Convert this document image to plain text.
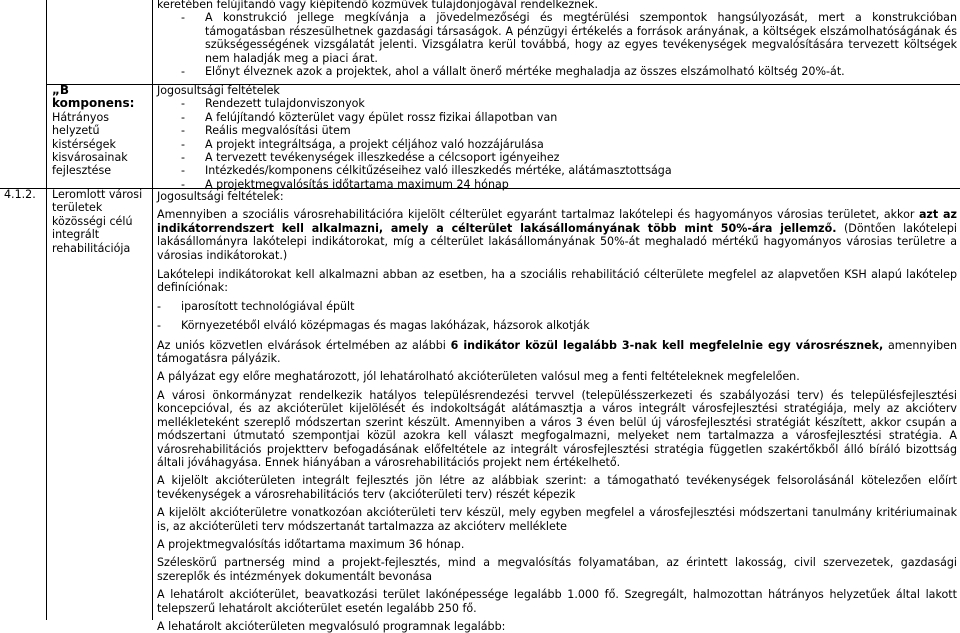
keretében felújítandó vagy kiépítendő közművek tulajdonjogával rendelkeznek.

- A konstrukció jellege megkívánja a jövedelmezőségi és megtérülési szempontok hangsúlyozását, mert a konstrukcióban támogatásban részesülhetnek gazdasági társaságok. A pénzügyi értékelés a források arányának, a költségek elszámolhatóságának és szükségességének vizsgálatát jelenti. Vizsgálatra kerül továbbá, hogy az egyes tevékenységek megvalósítására tervezett költségek nem haladják meg a piaci árat.

- Előnyt élveznek azok a projektek, ahol a vállalt önerő mértéke meghaladja az összes elszámolható költség 20%-át.

„B komponens:

Hátrányos

helyzetű

kistérségek

kisvárosainak

fejlesztése

Jogosultsági feltételek

- Rendezett tulajdonviszonyok

- A felújítandó közterület vagy épület rossz fizikai állapotban van

- Reális megvalósítási ütem

- A projekt integráltsága, a projekt céljához való hozzájárulása

- A tervezett tevékenységek illeszkedése a célcsoport igényeihez

- Intézkedés/komponens célkitűzéseihez való illeszkedés mértéke, alátámasztottsága

- A projektmegvalósítás időtartama maximum 24 hónap

4.1.2.	Leromlott városi

területek

közösségi célú

integrált

rehabilitációja

Jogosultsági feltételek:

Amennyiben a szociális városrehabilitációra kijelölt célterület egyaránt tartalmaz lakótelepi és hagyományos városias területet, akkor azt az indikátorrendszert kell alkalmazni, amely a célterület lakásállományának több mint 50%-ára jellemző. (Döntően lakótelepi lakásállományra lakótelepi indikátorokat, míg a célterület lakásállományának 50%-át meghaladó mértékű hagyományos városias területre a városias indikátorokat.)

Lakótelepi indikátorokat kell alkalmazni abban az esetben, ha a szociális rehabilitáció célterülete megfelel az alapvetően KSH alapú lakótelep definíciónak:

- iparosított technológiával épült

- Környezetéből elváló középmagas és magas lakóházak, házsorok alkotják

Az uniós közvetlen elvárások értelmében az alábbi 6 indikátor közül legalább 3-nak kell megfelelnie egy városrésznek, amennyiben támogatásra pályázik.

A pályázat egy előre meghatározott, jól lehatárolható akcióterületen valósul meg a fenti feltételeknek megfelelően.

A városi önkormányzat rendelkezik hatályos településrendezési tervvel (településszerkezeti és szabályozási terv) és településfejlesztési koncepcióval, és az akcióterület kijelölését és indokoltságát alátámasztja a város integrált városfejlesztési stratégiája, mely az akcióterv mellékleteként szereplő módszertan szerint készült. Amennyiben a város 3 éven belül új városfejlesztési stratégiát készített, akkor csupán a módszertani útmutató szempontjai közül azokra kell választ megfogalmazni, melyeket nem tartalmazza a városfejlesztési stratégia. A városrehabilitációs projektterv befogadásának előfeltétele az integrált városfejlesztési stratégia független szakértőkből álló bíráló bizottság általi jóváhagyása. Ennek hiányában a városrehabilitációs projekt nem értékelhető.

A kijelölt akcióterületen integrált fejlesztés jön létre az alábbiak szerint: a támogatható tevékenységek felsorolásánál kötelezően előírt tevékenységek a városrehabilitációs terv (akcióterületi terv) részét képezik

A kijelölt akcióterületre vonatkozóan akcióterületi terv készül, mely egyben megfelel a városfejlesztési módszertani tanulmány kritériumainak is, az akcióterületi terv módszertanát tartalmazza az akcióterv melléklete

A projektmegvalósítás időtartama maximum 36 hónap.

Széleskörű partnerség mind a projekt-fejlesztés, mind a megvalósítás folyamatában, az érintett lakosság, civil szervezetek, gazdasági szereplők és intézmények dokumentált bevonása

A lehatárolt akcióterület, beavatkozási terület lakónépessége legalább 1.000 fő. Szegregált, halmozottan hátrányos helyzetűek által lakott telepszerű lehatárolt akcióterület esetén legalább 250 fő.

A lehatárolt akcióterületen megvalósuló programnak legalább:
